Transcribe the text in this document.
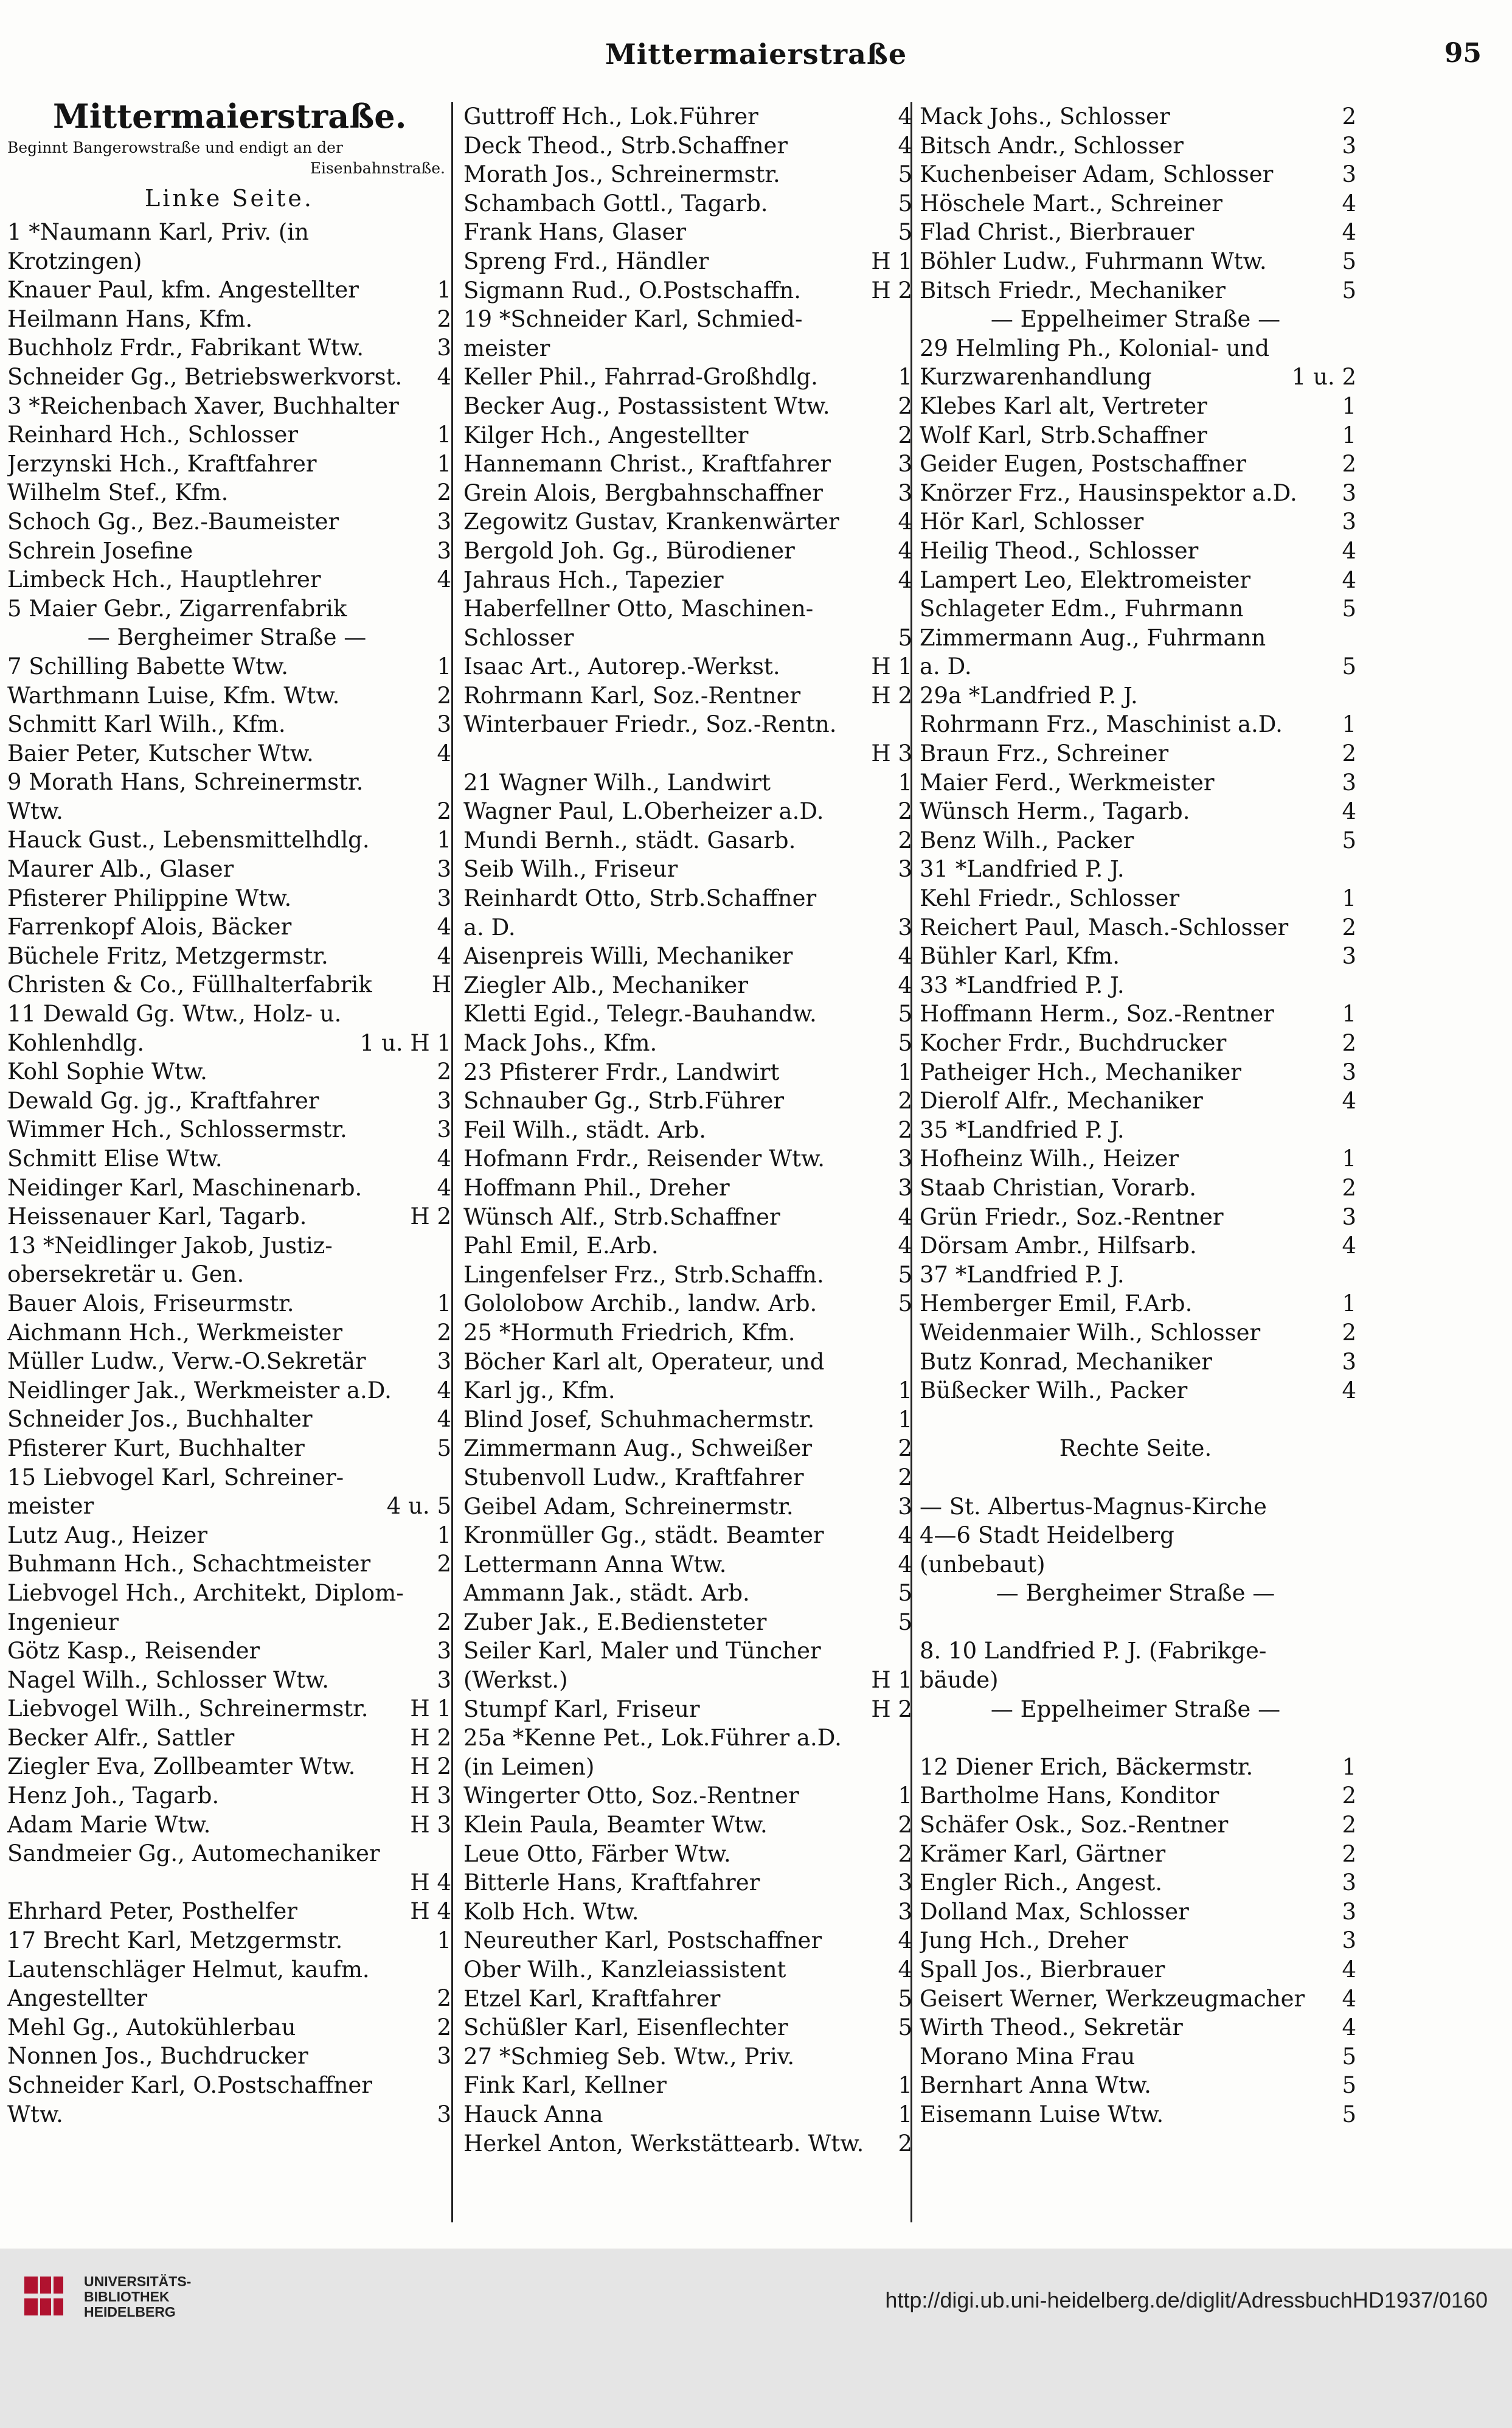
Mittermaierstraße	95
Mittermaierstraße.
Beginnt Bangerowstraße und endigt an der
Eisenbahnstraße.
Linke Seite.
1 *Naumann Karl, Priv. (in
Krotzingen)
Knauer Paul, kfm. Angestellter	1
Heilmann Hans, Kfm.	2
Buchholz Frdr., Fabrikant Wtw.	3
Schneider Gg., Betriebswerkvorst.	4
3 *Reichenbach Xaver, Buchhalter
Reinhard Hch., Schlosser	1
Jerzynski Hch., Kraftfahrer	1
Wilhelm Stef., Kfm.	2
Schoch Gg., Bez.-Baumeister	3
Schrein Josefine	3
Limbeck Hch., Hauptlehrer	4
5 Maier Gebr., Zigarrenfabrik
— Bergheimer Straße —
7 Schilling Babette Wtw.	1
Warthmann Luise, Kfm. Wtw.	2
Schmitt Karl Wilh., Kfm.	3
Baier Peter, Kutscher Wtw.	4
9 Morath Hans, Schreinermstr.
Wtw.	2
Hauck Gust., Lebensmittelhdlg.	1
Maurer Alb., Glaser	3
Pfisterer Philippine Wtw.	3
Farrenkopf Alois, Bäcker	4
Büchele Fritz, Metzgermstr.	4
Christen & Co., Füllhalterfabrik	H
11 Dewald Gg. Wtw., Holz- u.
Kohlenhdlg.	1 u. H 1
Kohl Sophie Wtw.	2
Dewald Gg. jg., Kraftfahrer	3
Wimmer Hch., Schlossermstr.	3
Schmitt Elise Wtw.	4
Neidinger Karl, Maschinenarb.	4
Heissenauer Karl, Tagarb.	H 2
13 *Neidlinger Jakob, Justiz-
obersekretär u. Gen.
Bauer Alois, Friseurmstr.	1
Aichmann Hch., Werkmeister	2
Müller Ludw., Verw.-O.Sekretär	3
Neidlinger Jak., Werkmeister a.D.	4
Schneider Jos., Buchhalter	4
Pfisterer Kurt, Buchhalter	5
15 Liebvogel Karl, Schreiner-
meister	4 u. 5
Lutz Aug., Heizer	1
Buhmann Hch., Schachtmeister	2
Liebvogel Hch., Architekt, Diplom-
Ingenieur	2
Götz Kasp., Reisender	3
Nagel Wilh., Schlosser Wtw.	3
Liebvogel Wilh., Schreinermstr.	H 1
Becker Alfr., Sattler	H 2
Ziegler Eva, Zollbeamter Wtw.	H 2
Henz Joh., Tagarb.	H 3
Adam Marie Wtw.	H 3
Sandmeier Gg., Automechaniker
H 4
Ehrhard Peter, Posthelfer	H 4
17 Brecht Karl, Metzgermstr.	1
Lautenschläger Helmut, kaufm.
Angestellter	2
Mehl Gg., Autokühlerbau	2
Nonnen Jos., Buchdrucker	3
Schneider Karl, O.Postschaffner
Wtw.	3
Guttroff Hch., Lok.Führer	4
Deck Theod., Strb.Schaffner	4
Morath Jos., Schreinermstr.	5
Schambach Gottl., Tagarb.	5
Frank Hans, Glaser	5
Spreng Frd., Händler	H 1
Sigmann Rud., O.Postschaffn.	H 2
19 *Schneider Karl, Schmied-
meister
Keller Phil., Fahrrad-Großhdlg.	1
Becker Aug., Postassistent Wtw.	2
Kilger Hch., Angestellter	2
Hannemann Christ., Kraftfahrer	3
Grein Alois, Bergbahnschaffner	3
Zegowitz Gustav, Krankenwärter	4
Bergold Joh. Gg., Bürodiener	4
Jahraus Hch., Tapezier	4
Haberfellner Otto, Maschinen-
Schlosser	5
Isaac Art., Autorep.-Werkst.	H 1
Rohrmann Karl, Soz.-Rentner	H 2
Winterbauer Friedr., Soz.-Rentn.
H 3
21 Wagner Wilh., Landwirt	1
Wagner Paul, L.Oberheizer a.D.	2
Mundi Bernh., städt. Gasarb.	2
Seib Wilh., Friseur	3
Reinhardt Otto, Strb.Schaffner
a. D.	3
Aisenpreis Willi, Mechaniker	4
Ziegler Alb., Mechaniker	4
Kletti Egid., Telegr.-Bauhandw.	5
Mack Johs., Kfm.	5
23 Pfisterer Frdr., Landwirt	1
Schnauber Gg., Strb.Führer	2
Feil Wilh., städt. Arb.	2
Hofmann Frdr., Reisender Wtw.	3
Hoffmann Phil., Dreher	3
Wünsch Alf., Strb.Schaffner	4
Pahl Emil, E.Arb.	4
Lingenfelser Frz., Strb.Schaffn.	5
Gololobow Archib., landw. Arb.	5
25 *Hormuth Friedrich, Kfm.
Böcher Karl alt, Operateur, und
Karl jg., Kfm.	1
Blind Josef, Schuhmachermstr.	1
Zimmermann Aug., Schweißer	2
Stubenvoll Ludw., Kraftfahrer	2
Geibel Adam, Schreinermstr.	3
Kronmüller Gg., städt. Beamter	4
Lettermann Anna Wtw.	4
Ammann Jak., städt. Arb.	5
Zuber Jak., E.Bediensteter	5
Seiler Karl, Maler und Tüncher
(Werkst.)	H 1
Stumpf Karl, Friseur	H 2
25a *Kenne Pet., Lok.Führer a.D.
(in Leimen)
Wingerter Otto, Soz.-Rentner	1
Klein Paula, Beamter Wtw.	2
Leue Otto, Färber Wtw.	2
Bitterle Hans, Kraftfahrer	3
Kolb Hch. Wtw.	3
Neureuther Karl, Postschaffner	4
Ober Wilh., Kanzleiassistent	4
Etzel Karl, Kraftfahrer	5
Schüßler Karl, Eisenflechter	5
27 *Schmieg Seb. Wtw., Priv.
Fink Karl, Kellner	1
Hauck Anna	1
Herkel Anton, Werkstättearb. Wtw.	2
Mack Johs., Schlosser	2
Bitsch Andr., Schlosser	3
Kuchenbeiser Adam, Schlosser	3
Höschele Mart., Schreiner	4
Flad Christ., Bierbrauer	4
Böhler Ludw., Fuhrmann Wtw.	5
Bitsch Friedr., Mechaniker	5
— Eppelheimer Straße —
29 Helmling Ph., Kolonial- und
Kurzwarenhandlung	1 u. 2
Klebes Karl alt, Vertreter	1
Wolf Karl, Strb.Schaffner	1
Geider Eugen, Postschaffner	2
Knörzer Frz., Hausinspektor a.D.	3
Hör Karl, Schlosser	3
Heilig Theod., Schlosser	4
Lampert Leo, Elektromeister	4
Schlageter Edm., Fuhrmann	5
Zimmermann Aug., Fuhrmann
a. D.	5
29a *Landfried P. J.
Rohrmann Frz., Maschinist a.D.	1
Braun Frz., Schreiner	2
Maier Ferd., Werkmeister	3
Wünsch Herm., Tagarb.	4
Benz Wilh., Packer	5
31 *Landfried P. J.
Kehl Friedr., Schlosser	1
Reichert Paul, Masch.-Schlosser	2
Bühler Karl, Kfm.	3
33 *Landfried P. J.
Hoffmann Herm., Soz.-Rentner	1
Kocher Frdr., Buchdrucker	2
Patheiger Hch., Mechaniker	3
Dierolf Alfr., Mechaniker	4
35 *Landfried P. J.
Hofheinz Wilh., Heizer	1
Staab Christian, Vorarb.	2
Grün Friedr., Soz.-Rentner	3
Dörsam Ambr., Hilfsarb.	4
37 *Landfried P. J.
Hemberger Emil, F.Arb.	1
Weidenmaier Wilh., Schlosser	2
Butz Konrad, Mechaniker	3
Büßecker Wilh., Packer	4
Rechte Seite.
— St. Albertus-Magnus-Kirche
4—6 Stadt Heidelberg
(unbebaut)
— Bergheimer Straße —
8. 10 Landfried P. J. (Fabrikge-
bäude)
— Eppelheimer Straße —
12 Diener Erich, Bäckermstr.	1
Bartholme Hans, Konditor	2
Schäfer Osk., Soz.-Rentner	2
Krämer Karl, Gärtner	2
Engler Rich., Angest.	3
Dolland Max, Schlosser	3
Jung Hch., Dreher	3
Spall Jos., Bierbrauer	4
Geisert Werner, Werkzeugmacher	4
Wirth Theod., Sekretär	4
Morano Mina Frau	5
Bernhart Anna Wtw.	5
Eisemann Luise Wtw.	5
UNIVERSITÄTS-
BIBLIOTHEK
HEIDELBERG	http://digi.ub.uni-heidelberg.de/diglit/AdressbuchHD1937/0160
